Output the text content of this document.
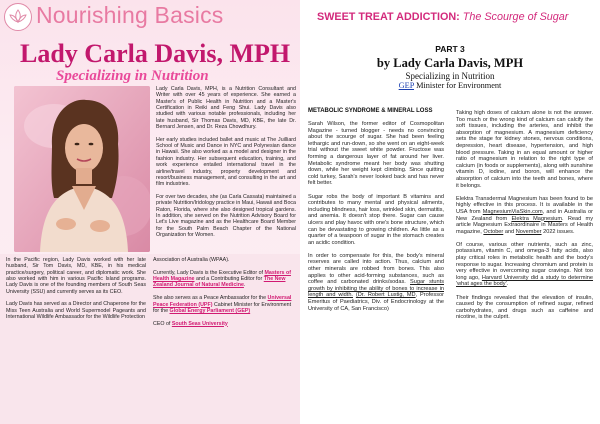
Nourishing Basics
Lady Carla Davis, MPH
Specializing in Nutrition

Lady Carla Davis, MPH, is a Nutrition Consultant and Writer with over 45 years of experience. She earned a Master's of Public Health in Nutrition and a Master's Certification in Reiki and Feng Shui. Lady Davis also studied with various notable professionals, including her late husband, Sir Thomas Davis, MD, KBE, the late Dr. Bernard Jensen, and Dr. Reza Chowdhury.

Her early studies included ballet and music at The Juilliard School of Music and Dance in NYC and Polynesian dance in Hawaii. She also worked as a model and designer in the fashion industry. Her subsequent education, training, and work experience entailed international travel in the airline/travel industry, property development and resort/business management, and consulting in the art and film industries.

For over two decades, she (as Carla Cassata) maintained a private Nutrition/Iridology practice in Maui, Hawaii and Boca Raton, Florida, where she also designed tropical gardens. In addition, she served on the Nutrition Advisory Board for Let's Live magazine and as the Healthcare Board Member for the South Palm Beach Chapter of the National Organization for Women.

In the Pacific region, Lady Davis worked with her late husband, Sir Tom Davis, MD, KBE, in his medical practice/surgery, political career, and diplomatic work. She also worked with him in various Pacific Island programs. Lady Davis is one of the founding members of South Seas University (SSU) and currently serves as its CEO.

Lady Davis has served as a Director and Chaperone for the Miss Teen Australia and World Supermodel Pageants and International Wildlife Ambassador for the Wildlife Protection

Association of Australia (WPAA).

Currently, Lady Davis is the Executive Editor of Masters of Health Magazine and a Contributing Editor for The New Zealand Journal of Natural Medicine.

She also serves as a Peace Ambassador for the Universal Peace Federation (UPF) Cabinet Minister for Environment for the Global Energy Parliament (GEP)

CEO of South Seas University

SWEET TREAT ADDICTION: The Scourge of Sugar
PART 3
by Lady Carla Davis, MPH
Specializing in Nutrition
GEP Minister for Environment
METABOLIC SYNDROME & MINERAL LOSS

Sarah Wilson, the former editor of Cosmopolitan Magazine - turned blogger - needs no convincing about the scourge of sugar. She had been feeling lethargic and run-down, so she went on an eight-week trial without the sweet white powder. Fructose was forming a dangerous layer of fat around her liver. Metabolic syndrome meant her body was shutting down, while her weight kept climbing. Since quitting cold turkey, Sarah's never looked back and has never felt better.

Sugar robs the body of important B vitamins and contributes to many mental and physical ailments, including blindness, hair loss, wrinkled skin, dermatitis, and anemia. It doesn't stop there. Sugar can cause ulcers and play havoc with one's bone structure, which can be devastating to growing children. As little as a quarter of a teaspoon of sugar in the stomach creates an acidic condition.

In order to compensate for this, the body's mineral reserves are called into action. Thus, calcium and other minerals are robbed from bones. This also applies to other acid-forming substances, such as coffee and carbonated drinks/sodas. Sugar stunts growth by inhibiting the ability of bones to increase in length and width. (Dr. Robert Lustig, MD, Professor Emeritus of Paediatrics, Div. of Endocrinology at the University of CA, San Francisco)

Taking high doses of calcium alone is not the answer. Too much or the wrong kind of calcium can calcify the soft tissues, including the arteries, and inhibit the absorption of magnesium. A magnesium deficiency sets the stage for kidney stones, nervous conditions, depression, heart disease, hypertension, and high blood pressure. Taking in an equal amount or higher ratio of magnesium in relation to the right type of calcium (in foods or supplements), along with sunshine vitamin D, iodine, and boron, will enhance the absorption of calcium into the teeth and bones, where it belongs.

Elektra Transdermal Magnesium has been found to be highly effective in this process. It is available in the USA from MagnesiumViaSkin.com, and in Australia or New Zealand from Elektra Magnesium. Read my article Magnesium Extraordinaire in Masters of Health magazine, October and November 2022 issues.

Of course, various other nutrients, such as zinc, potassium, vitamin C, and omega-3 fatty acids, also play critical roles in metabolic health and the body's response to sugar. Increasing chromium and protein is very effective in overcoming sugar cravings. Not too long ago, Harvard University did a study to determine 'what ages the body'.

Their findings revealed that the elevation of insulin, caused by the consumption of refined sugar, refined carbohydrates, and drugs such as caffeine and nicotine, is the culprit.
